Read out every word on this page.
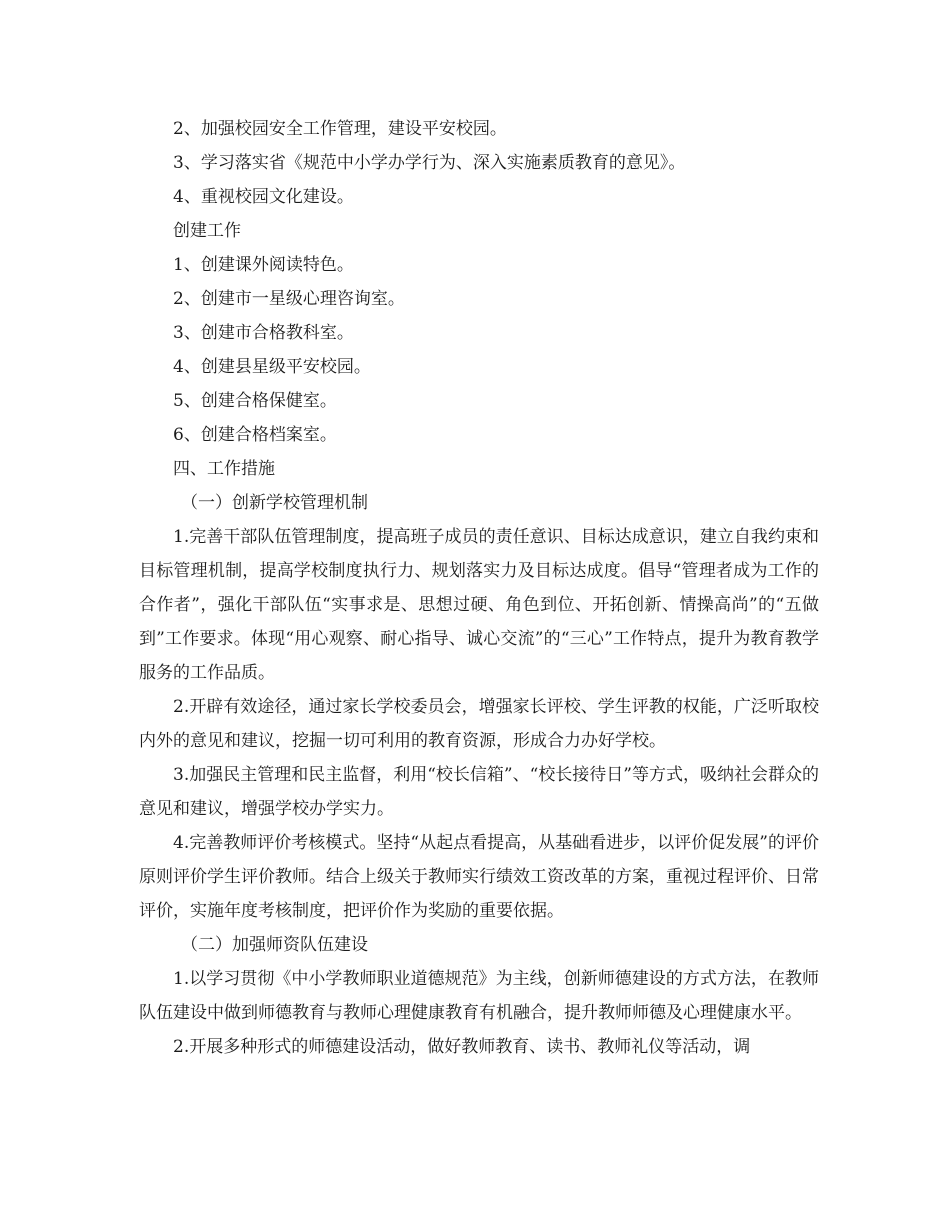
2、加强校园安全工作管理，建设平安校园。

3、学习落实省《规范中小学办学行为、深入实施素质教育的意见》。

4、重视校园文化建设。

创建工作

1、创建课外阅读特色。

2、创建市一星级心理咨询室。

3、创建市合格教科室。

4、创建县星级平安校园。

5、创建合格保健室。

6、创建合格档案室。

四、工作措施

（一）创新学校管理机制

1.完善干部队伍管理制度，提高班子成员的责任意识、目标达成意识，建立自我约束和目标管理机制，提高学校制度执行力、规划落实力及目标达成度。倡导“管理者成为工作的合作者”，强化干部队伍“实事求是、思想过硬、角色到位、开拓创新、情操高尚”的“五做到”工作要求。体现“用心观察、耐心指导、诚心交流”的“三心”工作特点，提升为教育教学服务的工作品质。

2.开辟有效途径，通过家长学校委员会，增强家长评校、学生评教的权能，广泛听取校内外的意见和建议，挖掘一切可利用的教育资源，形成合力办好学校。

3.加强民主管理和民主监督，利用“校长信箱”、“校长接待日”等方式，吸纳社会群众的意见和建议，增强学校办学实力。

4.完善教师评价考核模式。坚持“从起点看提高，从基础看进步，以评价促发展”的评价原则评价学生评价教师。结合上级关于教师实行绩效工资改革的方案，重视过程评价、日常评价，实施年度考核制度，把评价作为奖励的重要依据。

（二）加强师资队伍建设

1.以学习贯彻《中小学教师职业道德规范》为主线，创新师德建设的方式方法，在教师队伍建设中做到师德教育与教师心理健康教育有机融合，提升教师师德及心理健康水平。

2.开展多种形式的师德建设活动，做好教师教育、读书、教师礼仪等活动，调
